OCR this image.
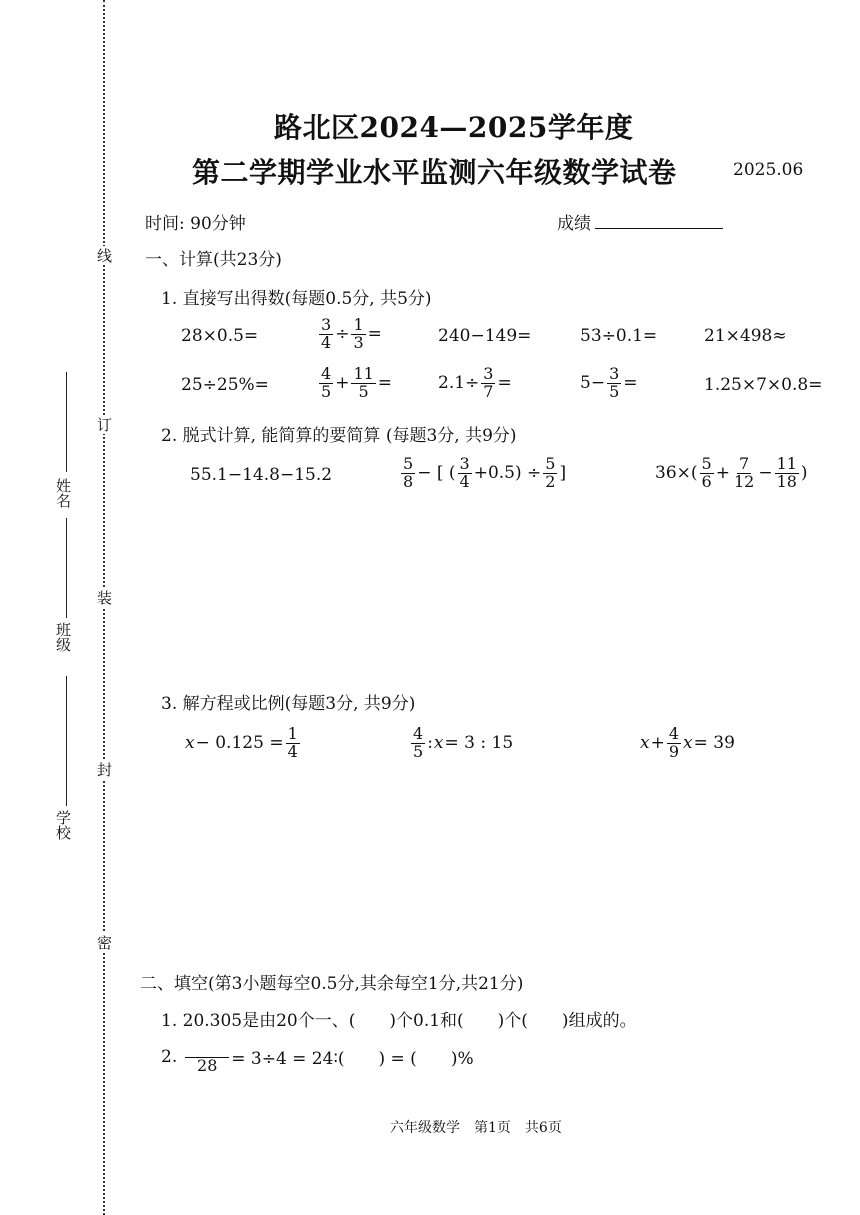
线
订
装
封
密
姓名
班级
学校
路北区2024—2025学年度
第二学期学业水平监测六年级数学试卷	2025.06
时间: 90分钟	成绩
一、计算(共23分)
1. 直接写出得数(每题0.5分, 共5分)
28×0.5=	$\frac{3}{4} \div \frac{1}{3}$ =	240−149=	53÷0.1=	21×498≈
25÷25%=	$\frac{4}{5} + \frac{11}{5}$ =	$2.1\div \frac{3}{7}$ =	$5- \frac{3}{5}$ =	1.25×7×0.8=
2. 脱式计算, 能简算的要简算 (每题3分, 共9分)
55.1−14.8−15.2	$\frac{5}{8}$ − [ ( $\frac{3}{4} +0.5) \div \frac{5}{2}$ ]	$36\times( \frac{5}{6} + \frac{7}{12} - \frac{11}{18}$ )
3. 解方程或比例(每题3分, 共9分)
$x - 0.125 = \frac{1}{4}$	$\frac{4}{5}$ : x = 3 : 15	$x + \frac{4}{9}$ x = 39
二、填空(第3小题每空0.5分,其余每空1分,共21分)
1. 20.305是由20个一、(　　)个0.1和(　　)个(　　)组成的。
2. 28 = 3÷4 = 24∶(　　) = (　　)%
六年级数学　第1页　共6页
